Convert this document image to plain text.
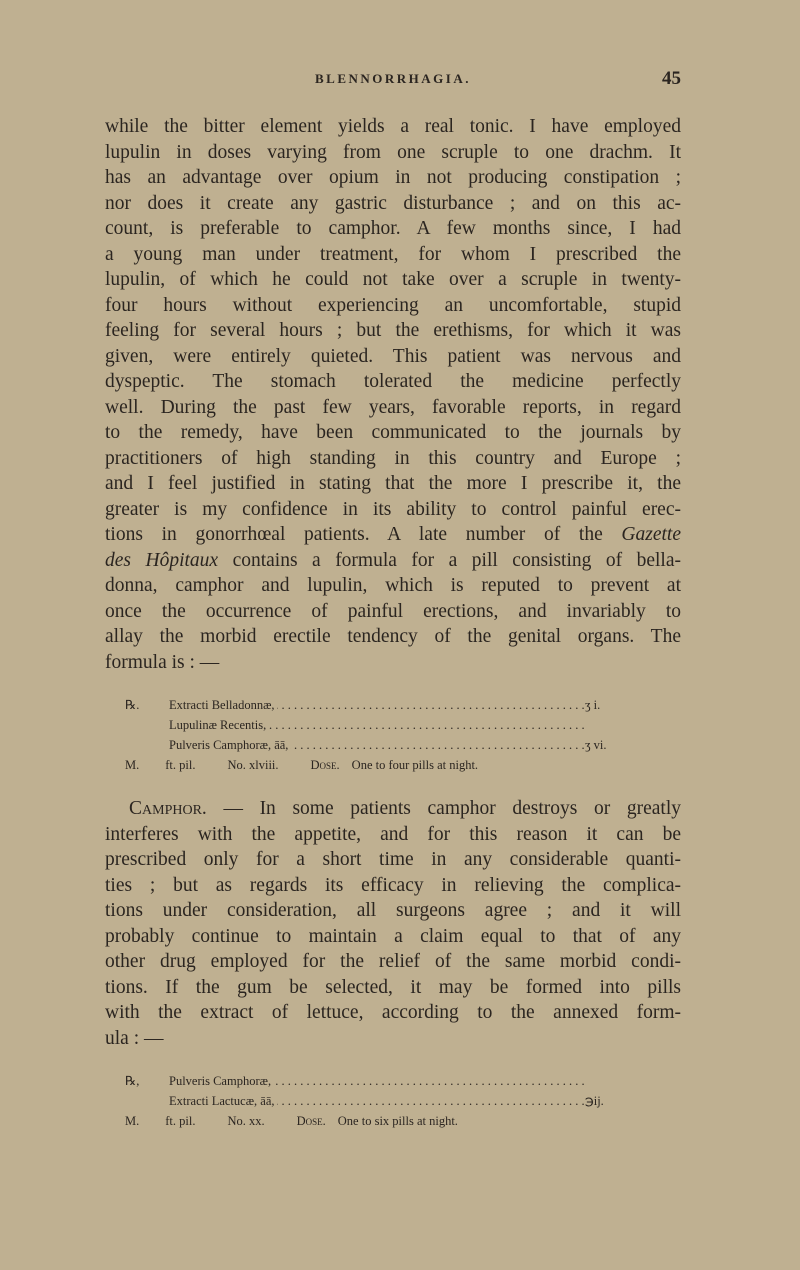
BLENNORRHAGIA.	45
while the bitter element yields a real tonic. I have employed
lupulin in doses varying from one scruple to one drachm. It
has an advantage over opium in not producing constipation ;
nor does it create any gastric disturbance ; and on this ac-
count, is preferable to camphor. A few months since, I had
a young man under treatment, for whom I prescribed the
lupulin, of which he could not take over a scruple in twenty-
four hours without experiencing an uncomfortable, stupid
feeling for several hours ; but the erethisms, for which it was
given, were entirely quieted. This patient was nervous and
dyspeptic. The stomach tolerated the medicine perfectly
well. During the past few years, favorable reports, in regard
to the remedy, have been communicated to the journals by
practitioners of high standing in this country and Europe ;
and I feel justified in stating that the more I prescribe it, the
greater is my confidence in its ability to control painful erec-
tions in gonorrhœal patients. A late number of the Gazette
des Hôpitaux contains a formula for a pill consisting of bella-
donna, camphor and lupulin, which is reputed to prevent at
once the occurrence of painful erections, and invariably to
allay the morbid erectile tendency of the genital organs. The
formula is : —
℞. . . . Extracti Belladonnæ,	ʒ i.
. . .
Lupulinæ Recentis,
. . .
Pulveris Camphoræ, āā,	ʒ vi.
M. ft. pil.	No. xlviii.	Dose. One to four pills at night.
Camphor. — In some patients camphor destroys or greatly
interferes with the appetite, and for this reason it can be
prescribed only for a short time in any considerable quanti-
ties ; but as regards its efficacy in relieving the complica-
tions under consideration, all surgeons agree ; and it will
probably continue to maintain a claim equal to that of any
other drug employed for the relief of the same morbid condi-
tions. If the gum be selected, it may be formed into pills
with the extract of lettuce, according to the annexed form-
ula : —
℞, . . . Pulveris Camphoræ,
. . .
Extracti Lactucæ, āā,	℈ij.
M. ft. pil.	No. xx.	Dose. One to six pills at night.
